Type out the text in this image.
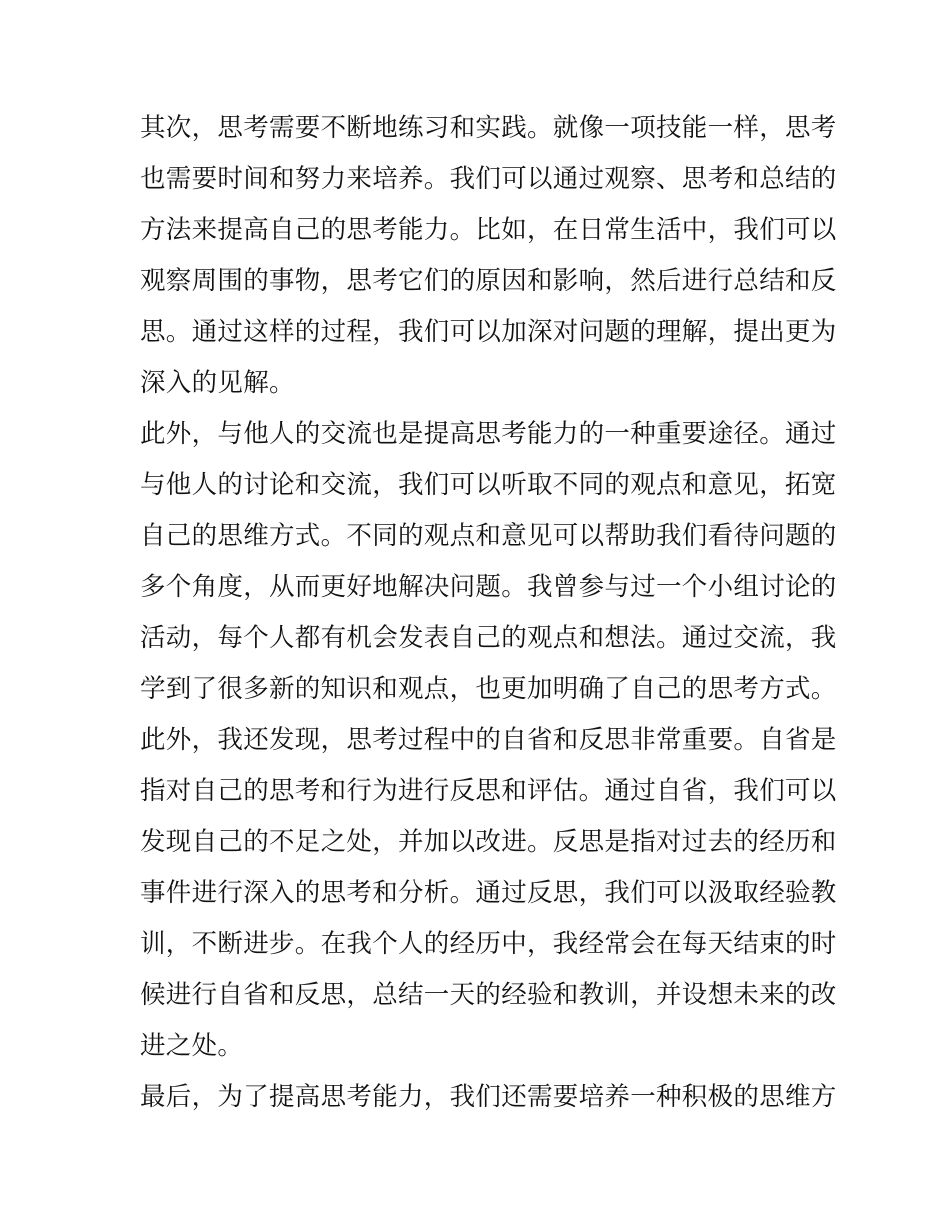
其次，思考需要不断地练习和实践。就像一项技能一样，思考
也需要时间和努力来培养。我们可以通过观察、思考和总结的
方法来提高自己的思考能力。比如，在日常生活中，我们可以
观察周围的事物，思考它们的原因和影响，然后进行总结和反
思。通过这样的过程，我们可以加深对问题的理解，提出更为
深入的见解。
此外，与他人的交流也是提高思考能力的一种重要途径。通过
与他人的讨论和交流，我们可以听取不同的观点和意见，拓宽
自己的思维方式。不同的观点和意见可以帮助我们看待问题的
多个角度，从而更好地解决问题。我曾参与过一个小组讨论的
活动，每个人都有机会发表自己的观点和想法。通过交流，我
学到了很多新的知识和观点，也更加明确了自己的思考方式。
此外，我还发现，思考过程中的自省和反思非常重要。自省是
指对自己的思考和行为进行反思和评估。通过自省，我们可以
发现自己的不足之处，并加以改进。反思是指对过去的经历和
事件进行深入的思考和分析。通过反思，我们可以汲取经验教
训，不断进步。在我个人的经历中，我经常会在每天结束的时
候进行自省和反思，总结一天的经验和教训，并设想未来的改
进之处。
最后，为了提高思考能力，我们还需要培养一种积极的思维方
